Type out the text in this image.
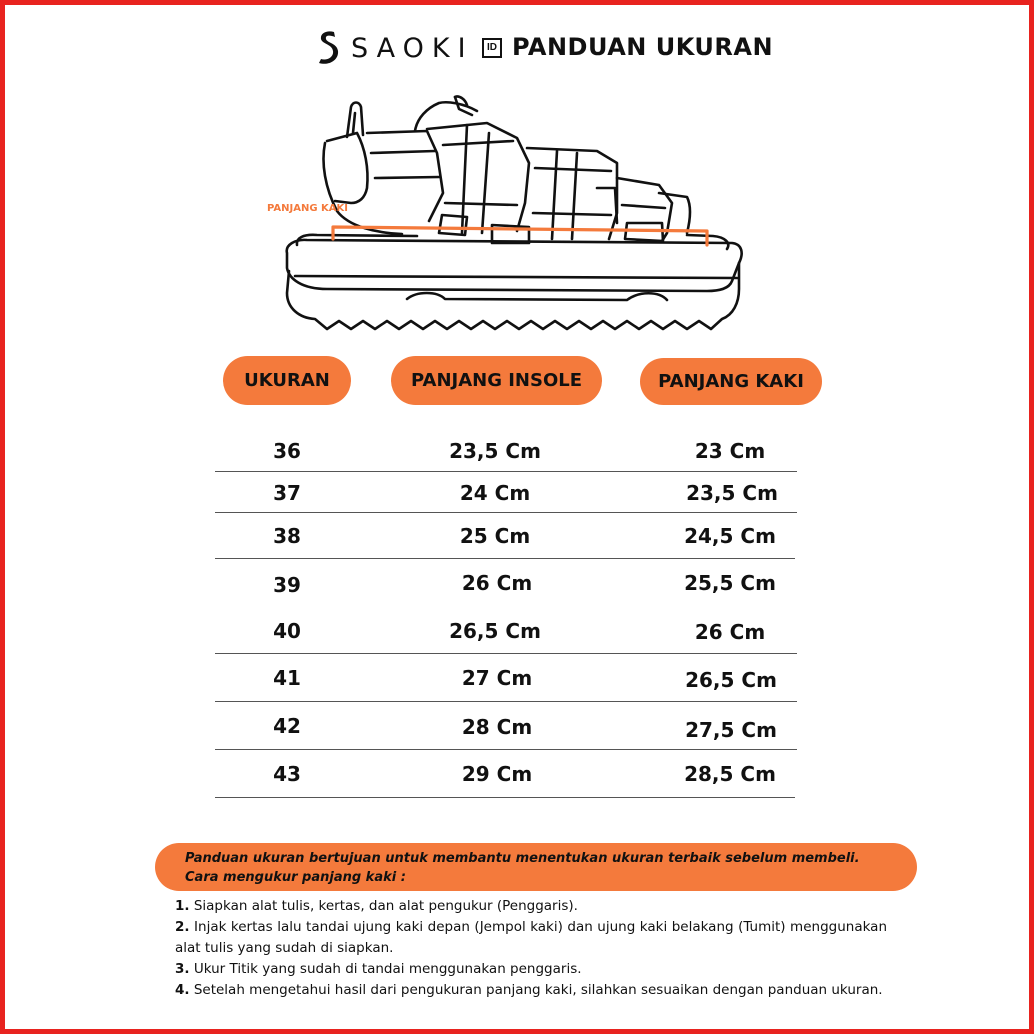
SAOKI	ID PANDUAN UKURAN
PANJANG KAKI
UKURAN	PANJANG INSOLE	PANJANG KAKI
36	23,5 Cm	23 Cm
37	24 Cm	23,5 Cm
38	25 Cm	24,5 Cm
39	26 Cm	25,5 Cm
40	26,5 Cm	26 Cm
41	27 Cm	26,5 Cm
42	28 Cm	27,5 Cm
43	29 Cm	28,5 Cm
Panduan ukuran bertujuan untuk membantu menentukan ukuran terbaik sebelum membeli.
Cara mengukur panjang kaki :
1. Siapkan alat tulis, kertas, dan alat pengukur (Penggaris).
2. Injak kertas lalu tandai ujung kaki depan (Jempol kaki) dan ujung kaki belakang (Tumit) menggunakan alat tulis yang sudah di siapkan.
3. Ukur Titik yang sudah di tandai menggunakan penggaris.
4. Setelah mengetahui hasil dari pengukuran panjang kaki, silahkan sesuaikan dengan panduan ukuran.
